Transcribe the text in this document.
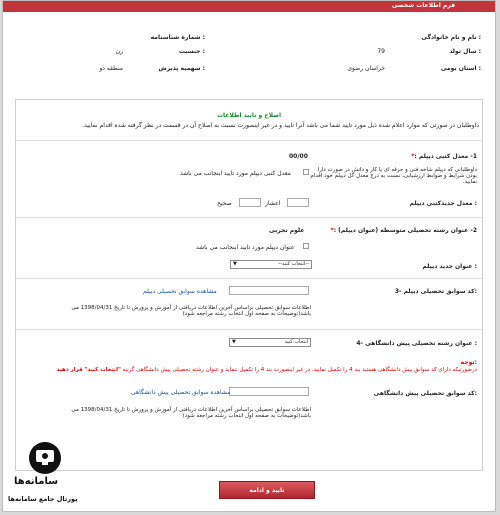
فرم اطلاعات شخصی
نام و نام خانوادگی :
شماره شناسنامه :
سال تولد :
79
جنسیت :
زن
استان بومی :
خراسان رضوی
سهمیه پذیرش :
منطقه دو
اصلاح و تایید اطلاعات
داوطلبان در صورتی که موارد اعلام شده ذیل مورد تایید شما می باشد آنرا تایید و در غیر اینصورت نسبت به اصلاح آن در قسمت در نظر گرفته شده اقدام نمایید.
1- معدل کتبی دیپلم :*
00/00
داوطلبانی که دیپلم شاخه فنی و حرفه ای یا کار و دانش در صورت دارا بودن شرایط و ضوابط ارزشیابی، نسبت به درج معدل کل دیپلم خود اقدام نمایید.
معدل کتبی دیپلم مورد تایید اینجانب می باشد
معدل جدیدکتبی دیپلم :
اعشار
صحیح
2- عنوان رشته تحصیلی متوسطه (عنوان دیپلم) :*
علوم تجربی
عنوان دیپلم مورد تایید اینجانب می باشد
عنوان جدید دیپلم :
--انتخاب کنید--
▼
3- کد سوابق تحصیلی دیپلم:
مشاهده سوابق تحصیلی دیپلم
اطلاعات سوابق تحصیلی براساس آخرین اطلاعات دریافتی از آموزش و پرورش تا تاریخ 1398/04/31 می باشد(توضیحات به صفحه اول انتخاب رشته مراجعه شود)
4- عنوان رشته تحصیلی پیش دانشگاهی :
انتخاب کنید
▼
توجه:
درصورتیکه دارای کد سوابق پیش دانشگاهی هستید بند 4 را تکمیل نمایید. در غیر اینصورت بند 4 را تکمیل ننماید و عنوان رشته تحصیلی پیش دانشگاهی گزینه "انتخاب کنید" قرار دهید
کد سوابق تحصیلی پیش دانشگاهی:
مشاهده سوابق تحصیلی پیش دانشگاهی
اطلاعات سوابق تحصیلی براساس آخرین اطلاعات دریافتی از آموزش و پرورش تا تاریخ 1398/04/31 می باشد(توضیحات به صفحه اول انتخاب رشته مراجعه شود)
تایید و ادامه
سامانه‌ها
پورتال جامع سامانه‌ها
